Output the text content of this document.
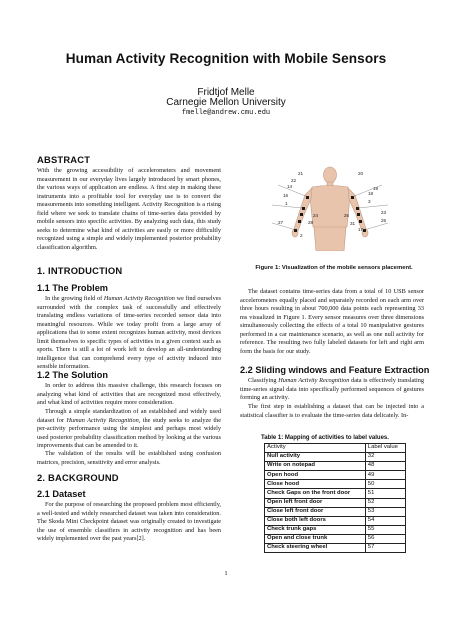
Human Activity Recognition with Mobile Sensors
Fridtjof Melle
Carnegie Mellon University
fmelle@andrew.cmu.edu
ABSTRACT

With the growing accessibility of accelerometers and movement measurement in our everyday lives largely introduced by smart phones, the various ways of application are endless. A first step in making these instruments into a profitable tool for everyday use is to convert the measurements into something intelligent. Activity Recognition is a rising field where we seek to translate chains of time-series data provided by mobile sensors into specific activities. By analyzing such data, this study seeks to determine what kind of activities are easily or more difficultly recognized using a simple and widely implemented posterior probability classification algorithm.

1. INTRODUCTION
1.1 The Problem

In the growing field of Human Activity Recognition we find ourselves surrounded with the complex task of successfully and effectively translating endless variations of time-series recorded sensor data into meaningful resources. While we today profit from a large array of applications that to some extent recognizes human activity, most devices limit themselves to specific types of activities in a given context such as sports. There is still a lot of work left to develop an all-understanding intelligence that can comprehend every type of activity induced into sensible information.

1.2 The Solution

In order to address this massive challenge, this research focuses on analyzing what kind of activities that are recognized most effectively, and what kind of activities require more consideration.

Through a simple standardization of an established and widely used dataset for Human Activity Recognition, the study seeks to analyze the per-activity performance using the simplest and perhaps most widely used posterior probability classification method by looking at the various improvements that can be amended to it.

The validation of the results will be established using confusion matrices, precision, sensitivity and error analysis.

2. BACKGROUND
2.1 Dataset

For the purpose of researching the proposed problem most efficiently, a well-tested and widely researched dataset was taken into consideration. The Skoda Mini Checkpoint dataset was originally created to investigate the use of ensemble classifiers in activity recognition and has been widely implemented over the past years[2].

21	20
22
14
16
1
18
19
3
24	26
23
27	28	25
17
2
31
Figure 1: Visualization of the mobile sensors placement.

The dataset contains time-series data from a total of 10 USB sensor accelerometers equally placed and separately recorded on each arm over three hours resulting in about 700,000 data points each representing 33 ms visualized in Figure 1. Every sensor measures over three dimensions simultaneously collecting the effects of a total 10 manipulative gestures performed in a car maintenance scenario, as well as one null activity for reference. The resulting two fully labeled datasets for left and right arm form the basis for our study.

2.2 Sliding windows and Feature Extraction

Classifying Human Activity Recognition data is effectively translating time-series signal data into specifically performed sequences of gestures forming an activity.

The first step in establishing a dataset that can be injected into a statistical classifier is to evaluate the time-series data delicately. In-

Table 1: Mapping of activities to label values.
Activity	Label value
Null activity	32
Write on notepad	48
Open hood	49
Close hood	50
Check Gaps on the front door	51
Open left front door	52
Close left front door	53
Close both left doors	54
Check trunk gaps	55
Open and close trunk	56
Check steering wheel	57
1
